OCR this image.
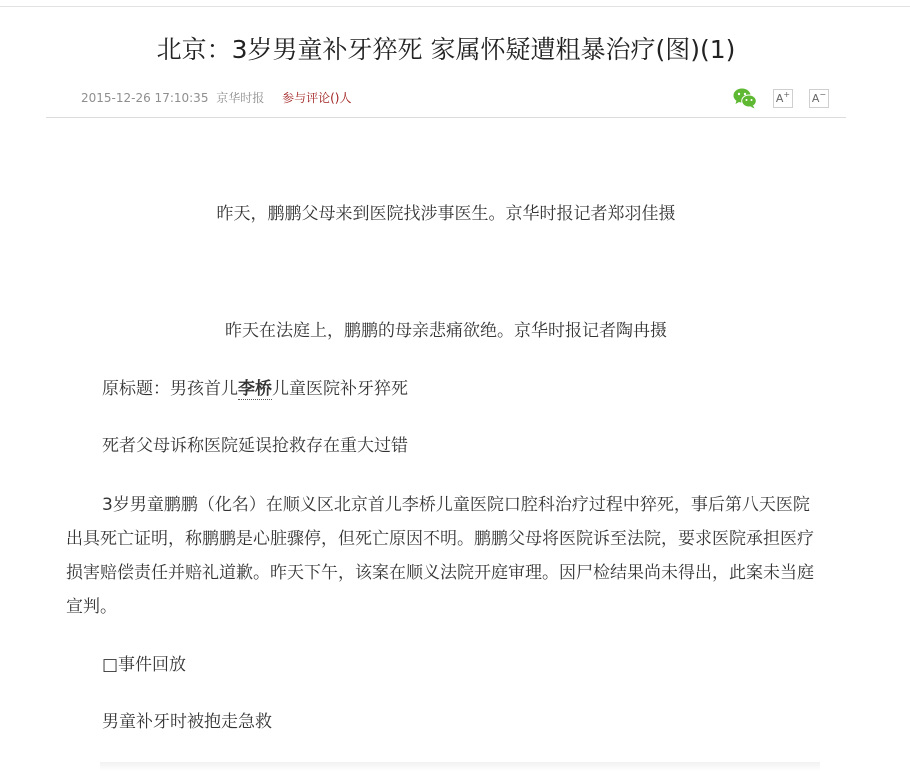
北京：3岁男童补牙猝死 家属怀疑遭粗暴治疗(图)(1)
2015-12-26 17:10:35 京华时报 参与评论()人	A+ A−
昨天，鹏鹏父母来到医院找涉事医生。京华时报记者郑羽佳摄
昨天在法庭上，鹏鹏的母亲悲痛欲绝。京华时报记者陶冉摄

原标题：男孩首儿李桥儿童医院补牙猝死

死者父母诉称医院延误抢救存在重大过错

3岁男童鹏鹏（化名）在顺义区北京首儿李桥儿童医院口腔科治疗过程中猝死，事后第八天医院出具死亡证明，称鹏鹏是心脏骤停，但死亡原因不明。鹏鹏父母将医院诉至法院，要求医院承担医疗损害赔偿责任并赔礼道歉。昨天下午，该案在顺义法院开庭审理。因尸检结果尚未得出，此案未当庭宣判。

□事件回放

男童补牙时被抱走急救
